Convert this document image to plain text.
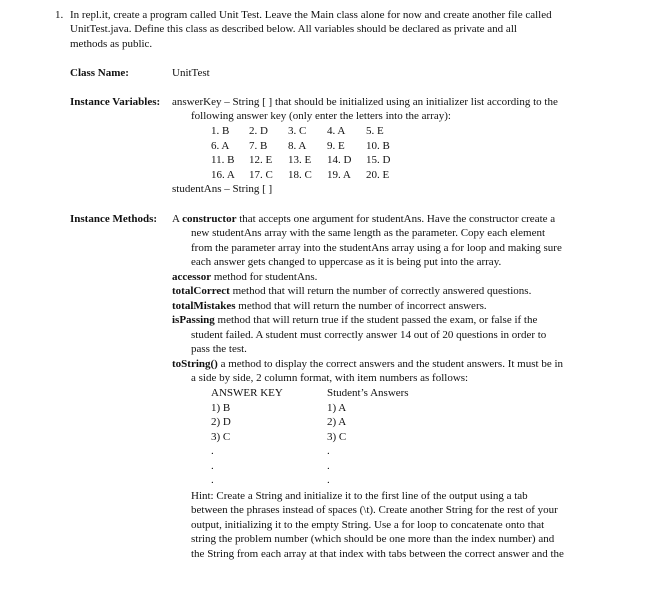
1. In repl.it, create a program called Unit Test. Leave the Main class alone for now and create another file called
UnitTest.java. Define this class as described below. All variables should be declared as private and all
methods as public.
Class Name:	UnitTest
Instance Variables: answerKey – String [ ] that should be initialized using an initializer list according to the
following answer key (only enter the letters into the array):
1. B 2. D 3. C 4. A 5. E
6. A 7. B 8. A 9. E 10. B
11. B 12. E 13. E 14. D 15. D
16. A 17. C 18. C 19. A 20. E
studentAns – String [ ]
Instance Methods: A constructor that accepts one argument for studentAns. Have the constructor create a
new studentAns array with the same length as the parameter. Copy each element
from the parameter array into the studentAns array using a for loop and making sure
each answer gets changed to uppercase as it is being put into the array.
accessor method for studentAns.
totalCorrect method that will return the number of correctly answered questions.
totalMistakes method that will return the number of incorrect answers.
isPassing method that will return true if the student passed the exam, or false if the
student failed. A student must correctly answer 14 out of 20 questions in order to
pass the test.
toString() a method to display the correct answers and the student answers. It must be in
a side by side, 2 column format, with item numbers as follows:
ANSWER KEY	Student’s Answers
1) B	1) A
2) D	2) A
3) C	3) C
.	.
.	.
.	.
Hint: Create a String and initialize it to the first line of the output using a tab
between the phrases instead of spaces (\t). Create another String for the rest of your
output, initializing it to the empty String. Use a for loop to concatenate onto that
string the problem number (which should be one more than the index number) and
the String from each array at that index with tabs between the correct answer and the
